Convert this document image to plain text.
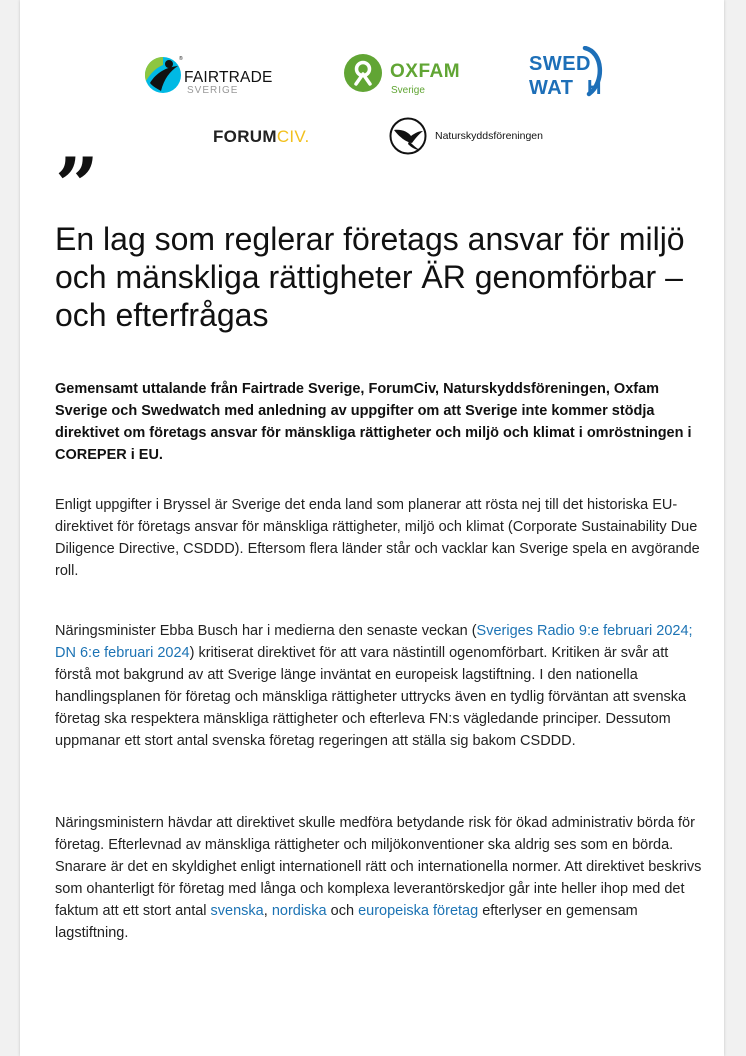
®
FAIRTRADE
SVERIGE
OXFAM
Sverige
SWED
WAT H
FORUMCIV.	Naturskyddsföreningen
”
En lag som reglerar företags ansvar för miljö och mänskliga rättigheter ÄR genomförbar – och efterfrågas

Gemensamt uttalande från Fairtrade Sverige, ForumCiv, Naturskyddsföreningen, Oxfam Sverige och Swedwatch med anledning av uppgifter om att Sverige inte kommer stödja direktivet om företags ansvar för mänskliga rättigheter och miljö och klimat i omröstningen i COREPER i EU.

Enligt uppgifter i Bryssel är Sverige det enda land som planerar att rösta nej till det historiska EU- direktivet för företags ansvar för mänskliga rättigheter, miljö och klimat (Corporate Sustainability Due Diligence Directive, CSDDD). Eftersom flera länder står och vacklar kan Sverige spela en avgörande roll.

Näringsminister Ebba Busch har i medierna den senaste veckan (Sveriges Radio 9:e februari 2024; DN 6:e februari 2024) kritiserat direktivet för att vara nästintill ogenomförbart. Kritiken är svår att förstå mot bakgrund av att Sverige länge inväntat en europeisk lagstiftning. I den nationella handlingsplanen för företag och mänskliga rättigheter uttrycks även en tydlig förväntan att svenska företag ska respektera mänskliga rättigheter och efterleva FN:s vägledande principer. Dessutom uppmanar ett stort antal svenska företag regeringen att ställa sig bakom CSDDD.

Näringsministern hävdar att direktivet skulle medföra betydande risk för ökad administrativ börda för företag. Efterlevnad av mänskliga rättigheter och miljökonventioner ska aldrig ses som en börda. Snarare är det en skyldighet enligt internationell rätt och internationella normer. Att direktivet beskrivs som ohanterligt för företag med långa och komplexa leverantörskedjor går inte heller ihop med det faktum att ett stort antal svenska, nordiska och europeiska företag efterlyser en gemensam lagstiftning.
